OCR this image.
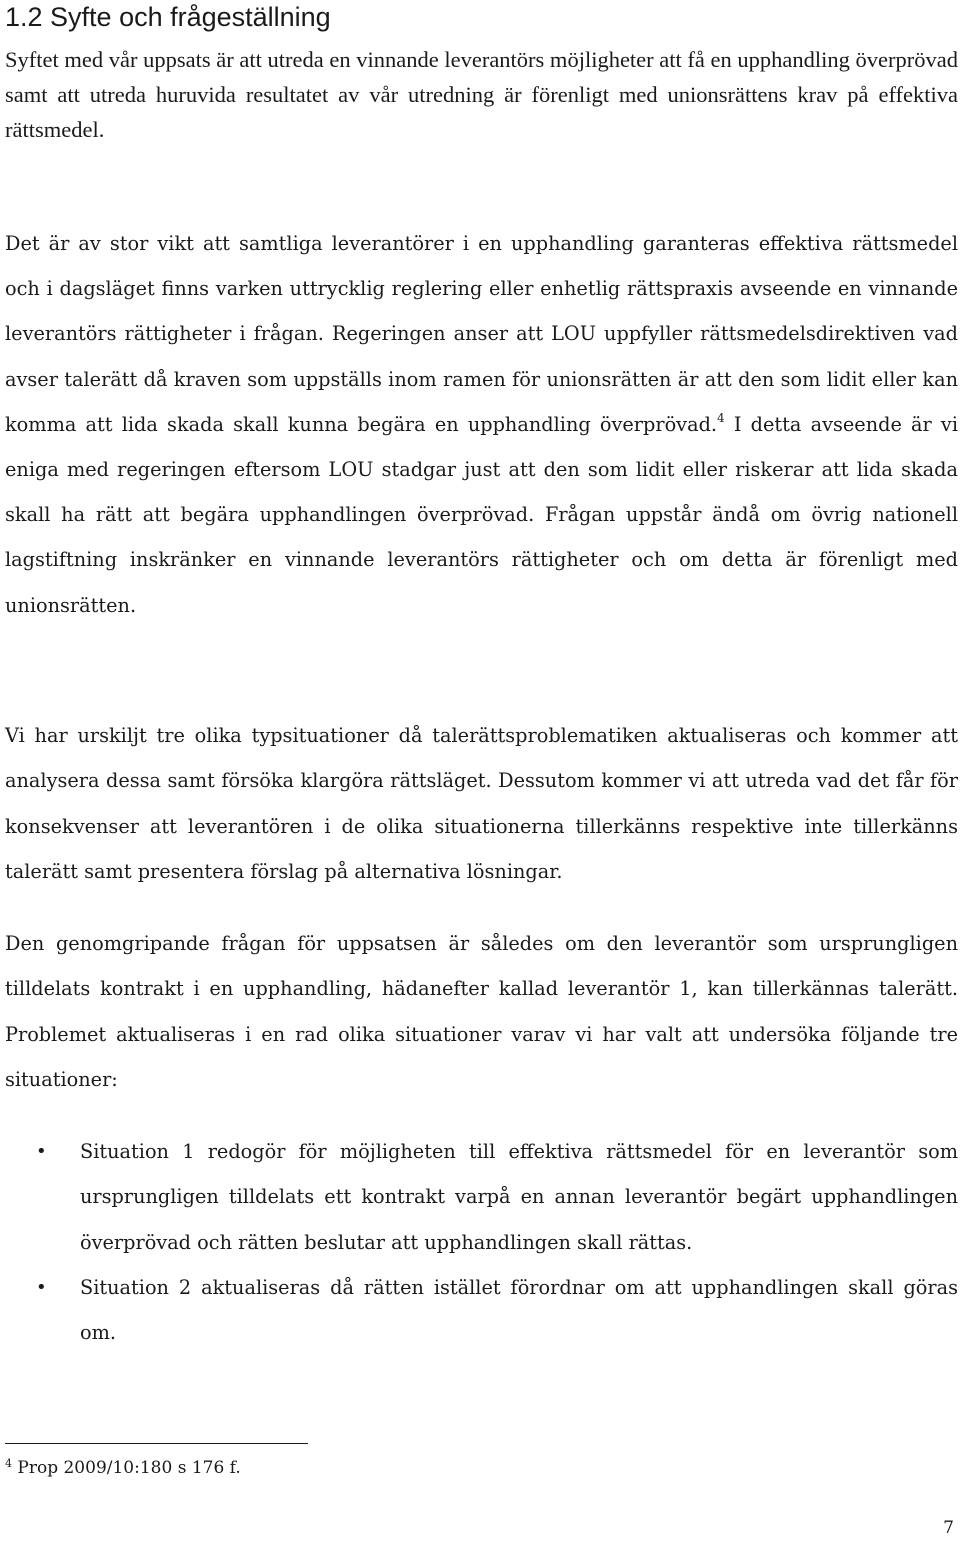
1.2 Syfte och frågeställning

Syftet med vår uppsats är att utreda en vinnande leverantörs möjligheter att få en upphandling överprövad samt att utreda huruvida resultatet av vår utredning är förenligt med unionsrättens krav på effektiva rättsmedel.

Det är av stor vikt att samtliga leverantörer i en upphandling garanteras effektiva rättsmedel och i dagsläget finns varken uttrycklig reglering eller enhetlig rättspraxis avseende en vinnande leverantörs rättigheter i frågan. Regeringen anser att LOU uppfyller rättsmedelsdirektiven vad avser talerätt då kraven som uppställs inom ramen för unionsrätten är att den som lidit eller kan komma att lida skada skall kunna begära en upphandling överprövad.$^4$ I detta avseende är vi eniga med regeringen eftersom LOU stadgar just att den som lidit eller riskerar att lida skada skall ha rätt att begära upphandlingen överprövad. Frågan uppstår ändå om övrig nationell lagstiftning inskränker en vinnande leverantörs rättigheter och om detta är förenligt med unionsrätten.

Vi har urskiljt tre olika typsituationer då talerättsproblematiken aktualiseras och kommer att analysera dessa samt försöka klargöra rättsläget. Dessutom kommer vi att utreda vad det får för konsekvenser att leverantören i de olika situationerna tillerkänns respektive inte tillerkänns talerätt samt presentera förslag på alternativa lösningar.

Den genomgripande frågan för uppsatsen är således om den leverantör som ursprungligen tilldelats kontrakt i en upphandling, hädanefter kallad leverantör 1, kan tillerkännas talerätt. Problemet aktualiseras i en rad olika situationer varav vi har valt att undersöka följande tre situationer:

• Situation 1 redogör för möjligheten till effektiva rättsmedel för en leverantör som ursprungligen tilldelats ett kontrakt varpå en annan leverantör begärt upphandlingen överprövad och rätten beslutar att upphandlingen skall rättas.
• Situation 2 aktualiseras då rätten istället förordnar om att upphandlingen skall göras om.

$^4$ Prop 2009/10:180 s 176 f.

7
